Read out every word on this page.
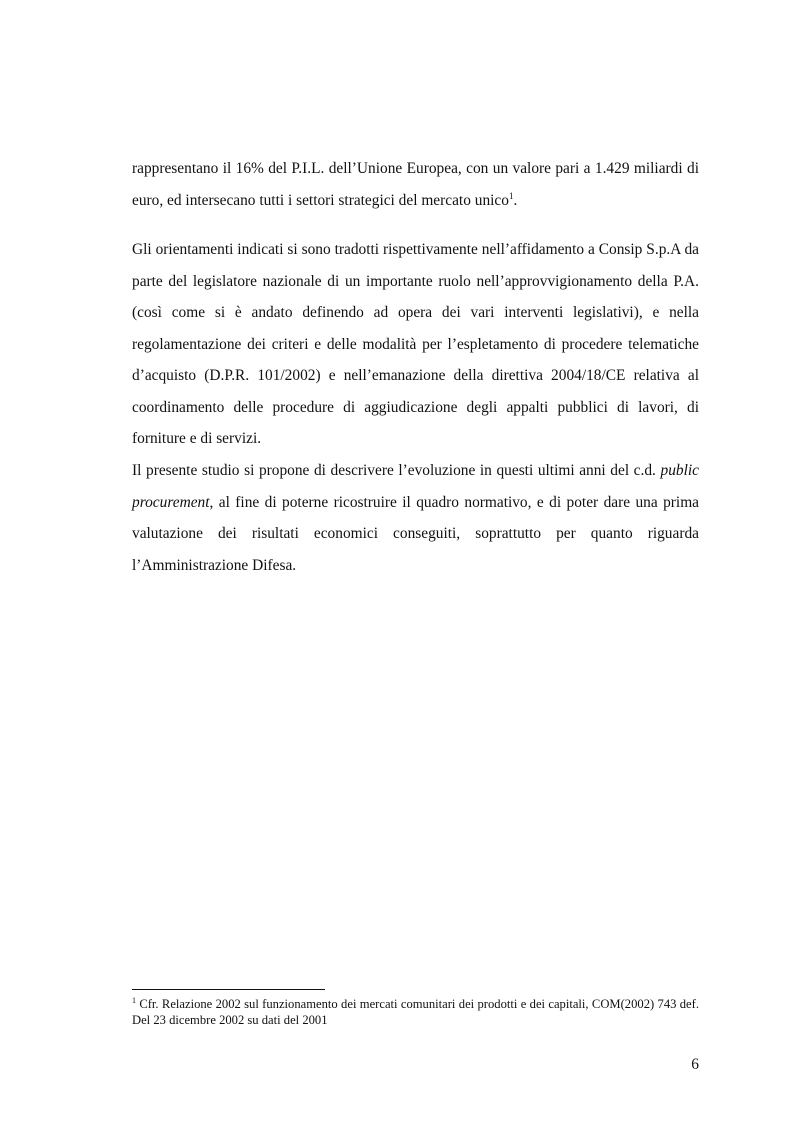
rappresentano il 16% del P.I.L. dell’Unione Europea, con un valore pari a 1.429 miliardi di euro, ed intersecano tutti i settori strategici del mercato unico$^1$.

Gli orientamenti indicati si sono tradotti rispettivamente nell’affidamento a Consip S.p.A da parte del legislatore nazionale di un importante ruolo nell’approvvigionamento della P.A. (così come si è andato definendo ad opera dei vari interventi legislativi), e nella regolamentazione dei criteri e delle modalità per l’espletamento di procedere telematiche d’acquisto (D.P.R. 101/2002) e nell’emanazione della direttiva 2004/18/CE relativa al coordinamento delle procedure di aggiudicazione degli appalti pubblici di lavori, di forniture e di servizi.

Il presente studio si propone di descrivere l’evoluzione in questi ultimi anni del c.d. public procurement, al fine di poterne ricostruire il quadro normativo, e di poter dare una prima valutazione dei risultati economici conseguiti, soprattutto per quanto riguarda l’Amministrazione Difesa.

$^1$ Cfr. Relazione 2002 sul funzionamento dei mercati comunitari dei prodotti e dei capitali, COM(2002) 743 def. Del 23 dicembre 2002 su dati del 2001
6
